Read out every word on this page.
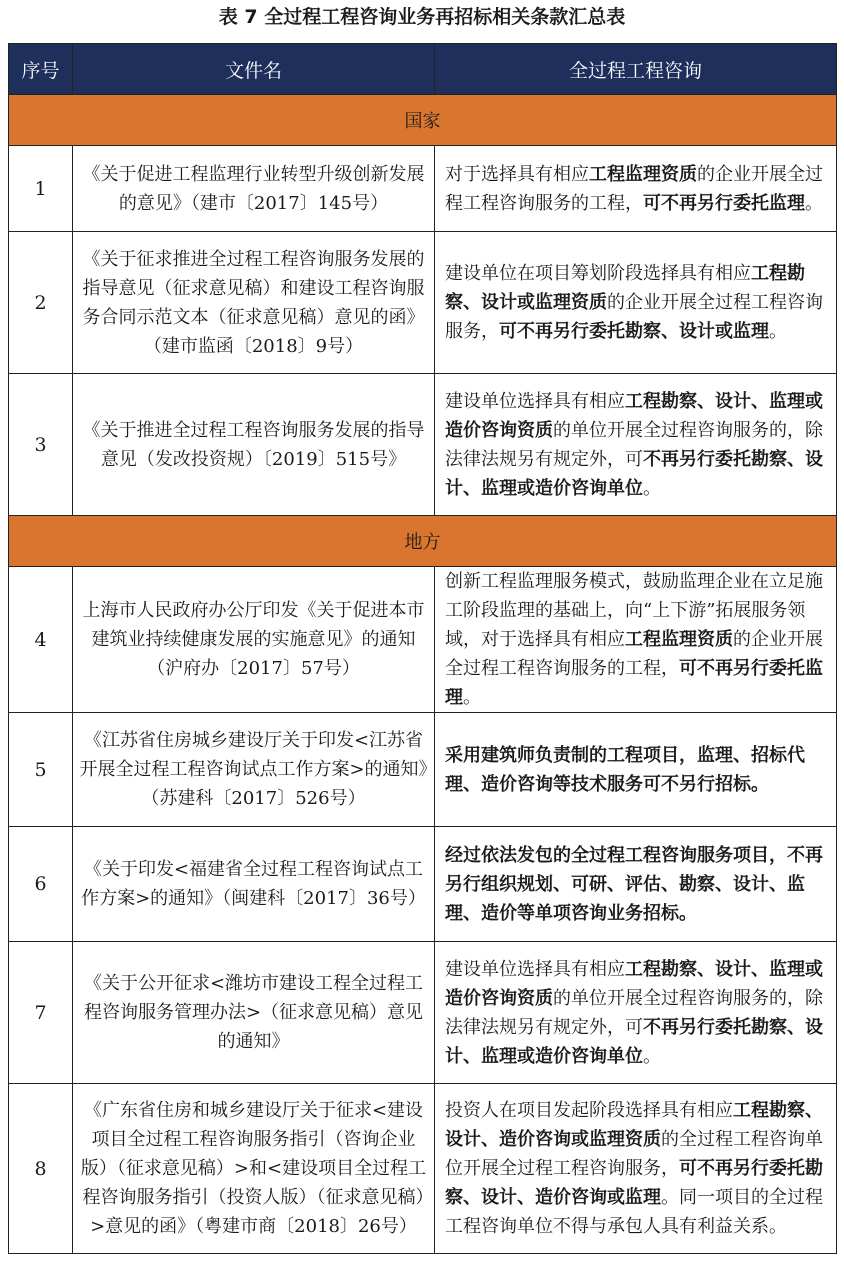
表 7 全过程工程咨询业务再招标相关条款汇总表
序号	文件名	全过程工程咨询
国家		
1	《关于促进工程监理行业转型升级创新发展的意见》（建市〔2017〕145号）	对于选择具有相应工程监理资质的企业开展全过程工程咨询服务的工程，可不再另行委托监理。
2	《关于征求推进全过程工程咨询服务发展的指导意见（征求意见稿）和建设工程咨询服务合同示范文本（征求意见稿）意见的函》（建市监函〔2018〕9号）	建设单位在项目筹划阶段选择具有相应工程勘察、设计或监理资质的企业开展全过程工程咨询服务，可不再另行委托勘察、设计或监理。
3	《关于推进全过程工程咨询服务发展的指导意见（发改投资规）〔2019〕515号》	建设单位选择具有相应工程勘察、设计、监理或造价咨询资质的单位开展全过程咨询服务的，除法律法规另有规定外，可不再另行委托勘察、设计、监理或造价咨询单位。
地方		
4	上海市人民政府办公厅印发《关于促进本市建筑业持续健康发展的实施意见》的通知（沪府办〔2017〕57号）	创新工程监理服务模式，鼓励监理企业在立足施工阶段监理的基础上，向“上下游”拓展服务领域，对于选择具有相应工程监理资质的企业开展全过程工程咨询服务的工程，可不再另行委托监理。
5	《江苏省住房城乡建设厅关于印发<江苏省开展全过程工程咨询试点工作方案>的通知》（苏建科〔2017〕526号）	采用建筑师负责制的工程项目，监理、招标代理、造价咨询等技术服务可不另行招标。
6	《关于印发<福建省全过程工程咨询试点工作方案>的通知》（闽建科〔2017〕36号）	经过依法发包的全过程工程咨询服务项目，不再另行组织规划、可研、评估、勘察、设计、监理、造价等单项咨询业务招标。
7	《关于公开征求<潍坊市建设工程全过程工程咨询服务管理办法>（征求意见稿）意见的通知》	建设单位选择具有相应工程勘察、设计、监理或造价咨询资质的单位开展全过程咨询服务的，除法律法规另有规定外，可不再另行委托勘察、设计、监理或造价咨询单位。
8	《广东省住房和城乡建设厅关于征求<建设项目全过程工程咨询服务指引（咨询企业版）（征求意见稿）>和<建设项目全过程工程咨询服务指引（投资人版）（征求意见稿）>意见的函》（粤建市商〔2018〕26号）	投资人在项目发起阶段选择具有相应工程勘察、设计、造价咨询或监理资质的全过程工程咨询单位开展全过程工程咨询服务，可不再另行委托勘察、设计、造价咨询或监理。同一项目的全过程工程咨询单位不得与承包人具有利益关系。
